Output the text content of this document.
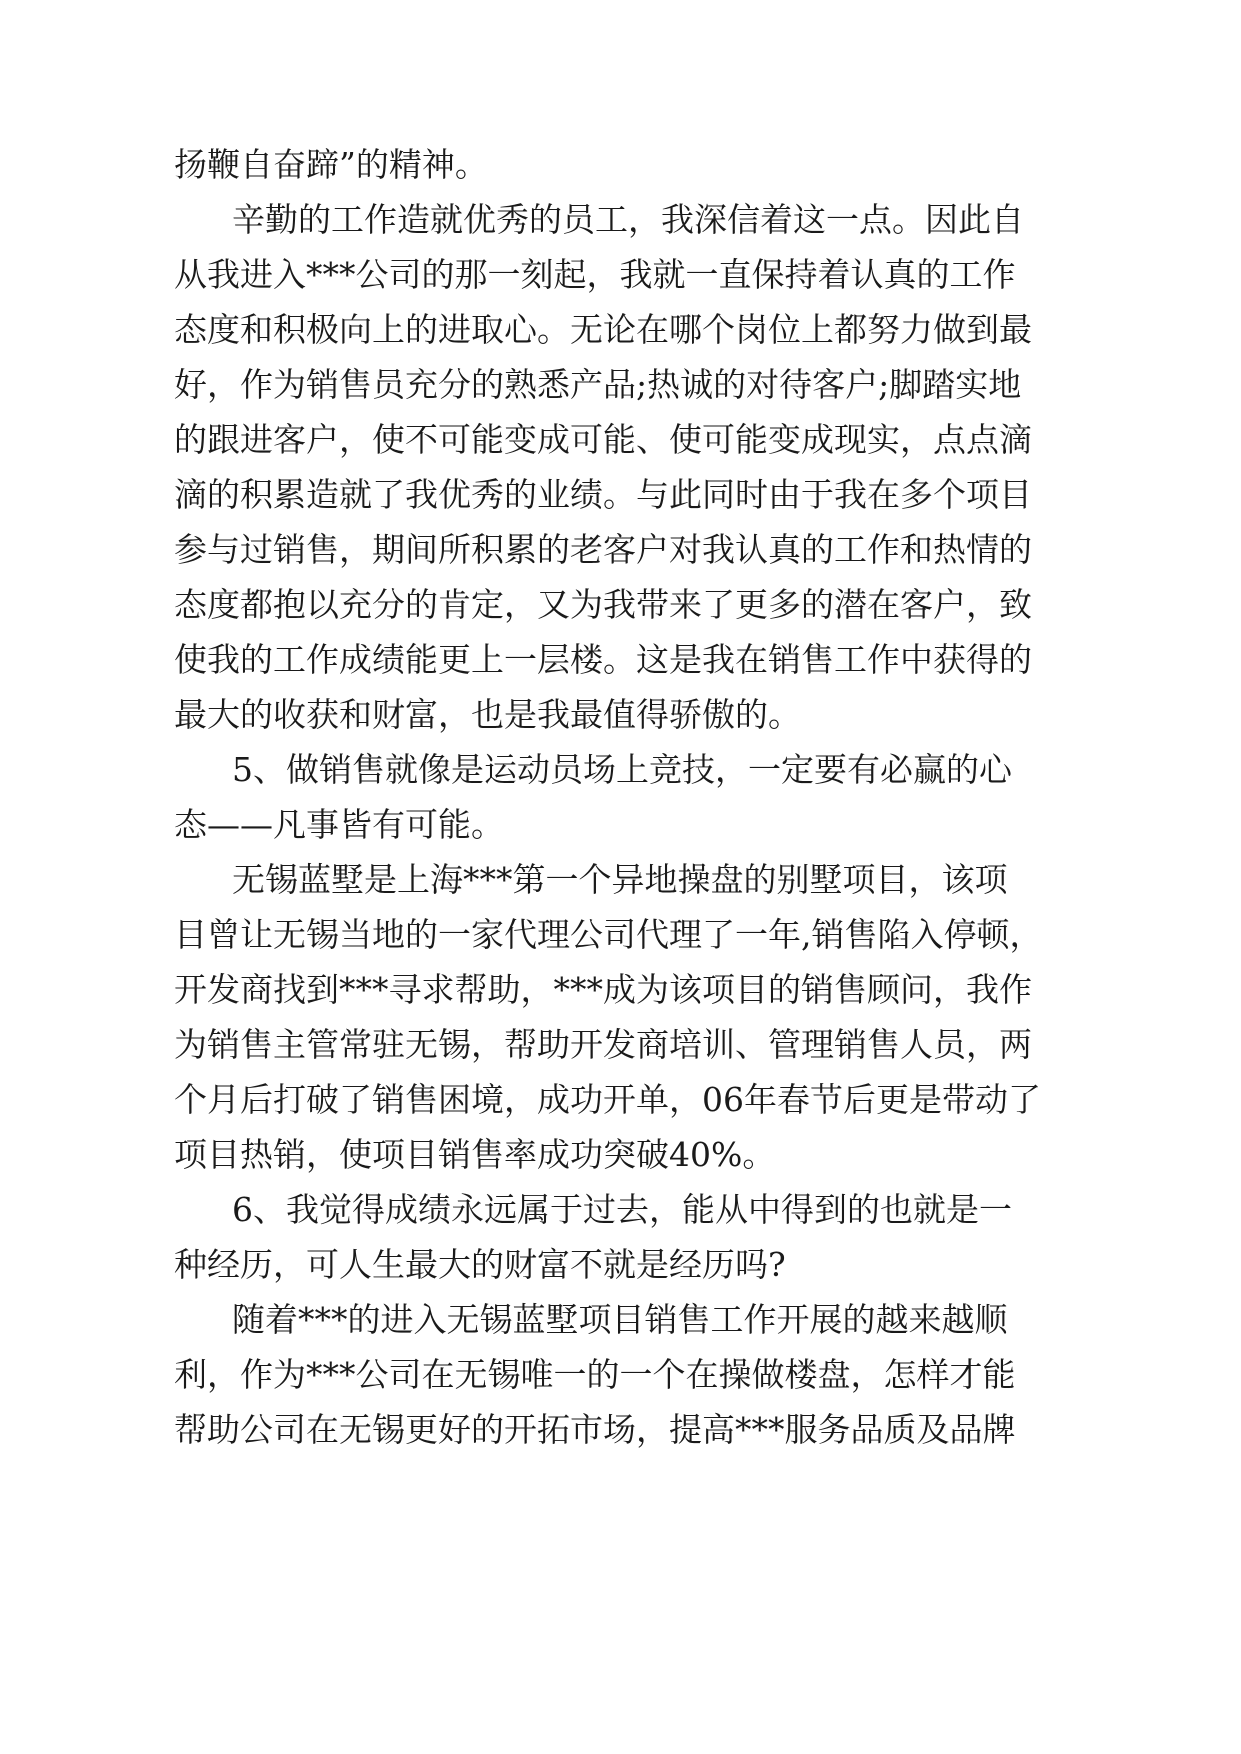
扬鞭自奋蹄”的精神。
辛勤的工作造就优秀的员工，我深信着这一点。因此自
从我进入***公司的那一刻起，我就一直保持着认真的工作
态度和积极向上的进取心。无论在哪个岗位上都努力做到最
好，作为销售员充分的熟悉产品;热诚的对待客户;脚踏实地
的跟进客户，使不可能变成可能、使可能变成现实，点点滴
滴的积累造就了我优秀的业绩。与此同时由于我在多个项目
参与过销售，期间所积累的老客户对我认真的工作和热情的
态度都抱以充分的肯定，又为我带来了更多的潜在客户，致
使我的工作成绩能更上一层楼。这是我在销售工作中获得的
最大的收获和财富，也是我最值得骄傲的。
5、做销售就像是运动员场上竞技，一定要有必赢的心
态——凡事皆有可能。
无锡蓝墅是上海***第一个异地操盘的别墅项目，该项
目曾让无锡当地的一家代理公司代理了一年,销售陷入停顿，
开发商找到***寻求帮助，***成为该项目的销售顾问，我作
为销售主管常驻无锡，帮助开发商培训、管理销售人员，两
个月后打破了销售困境，成功开单，06年春节后更是带动了
项目热销，使项目销售率成功突破40%。
6、我觉得成绩永远属于过去，能从中得到的也就是一
种经历，可人生最大的财富不就是经历吗?
随着***的进入无锡蓝墅项目销售工作开展的越来越顺
利，作为***公司在无锡唯一的一个在操做楼盘，怎样才能
帮助公司在无锡更好的开拓市场，提高***服务品质及品牌
